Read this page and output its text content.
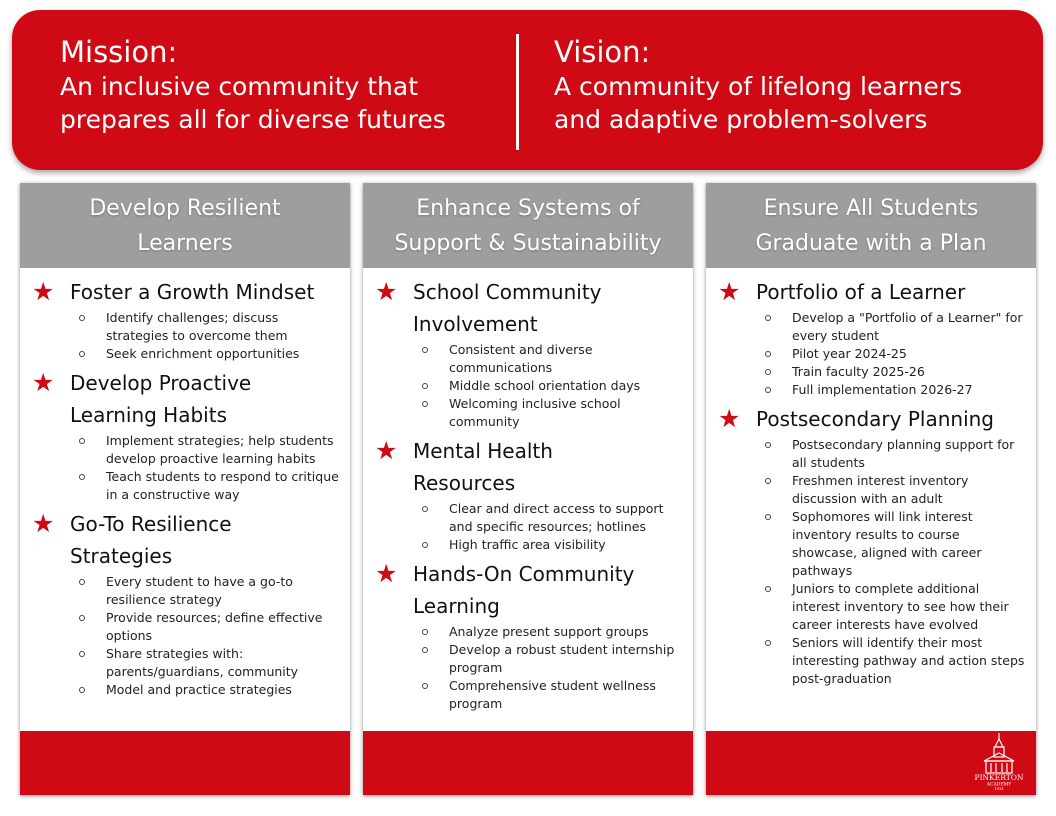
Mission:
An inclusive community that
prepares all for diverse futures
Vision:
A community of lifelong learners
and adaptive problem-solvers
Develop Resilient
Learners
★ Foster a Growth Mindset
Identify challenges; discuss strategies to overcome them
Seek enrichment opportunities
★ Develop Proactive
Learning Habits
Implement strategies; help students develop proactive learning habits
Teach students to respond to critique in a constructive way
★ Go-To Resilience
Strategies
Every student to have a go-to resilience strategy
Provide resources; define effective options
Share strategies with: parents/guardians, community
Model and practice strategies
Enhance Systems of
Support & Sustainability
★ School Community
Involvement
Consistent and diverse communications
Middle school orientation days
Welcoming inclusive school community
★ Mental Health
Resources
Clear and direct access to support and specific resources; hotlines
High traffic area visibility
★ Hands-On Community
Learning
Analyze present support groups
Develop a robust student internship program
Comprehensive student wellness program
Ensure All Students
Graduate with a Plan
★ Portfolio of a Learner
Develop a "Portfolio of a Learner" for every student
Pilot year 2024-25
Train faculty 2025-26
Full implementation 2026-27
★ Postsecondary Planning
Postsecondary planning support for all students
Freshmen interest inventory discussion with an adult
Sophomores will link interest inventory results to course showcase, aligned with career pathways
Juniors to complete additional interest inventory to see how their career interests have evolved
Seniors will identify their most interesting pathway and action steps post-graduation
PINKERTON
ACADEMY
1814
